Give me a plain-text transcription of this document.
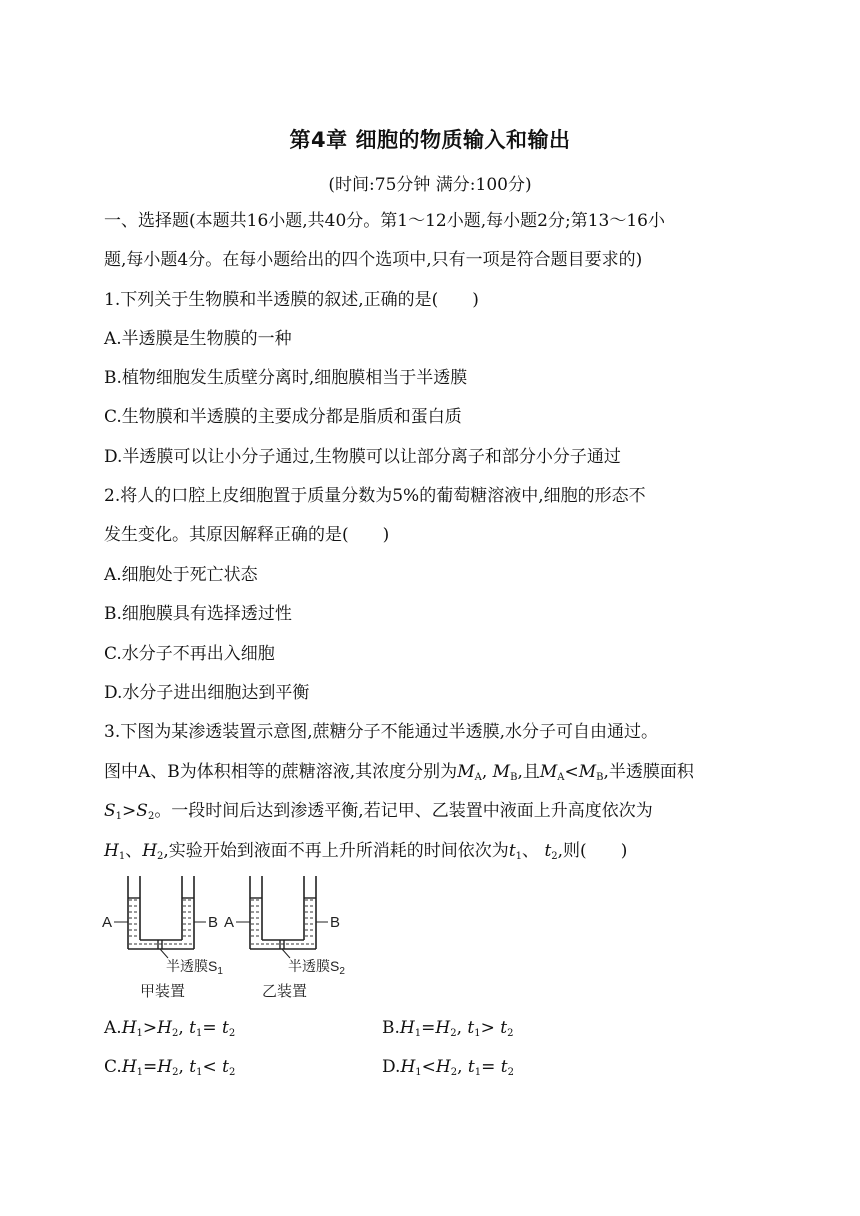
第4章 细胞的物质输入和输出
(时间:75分钟 满分:100分)
一、选择题(本题共16小题,共40分。第1～12小题,每小题2分;第13～16小
题,每小题4分。在每小题给出的四个选项中,只有一项是符合题目要求的)
1.下列关于生物膜和半透膜的叙述,正确的是(　　)
A.半透膜是生物膜的一种
B.植物细胞发生质壁分离时,细胞膜相当于半透膜
C.生物膜和半透膜的主要成分都是脂质和蛋白质
D.半透膜可以让小分子通过,生物膜可以让部分离子和部分小分子通过
2.将人的口腔上皮细胞置于质量分数为5%的葡萄糖溶液中,细胞的形态不
发生变化。其原因解释正确的是(　　)
A.细胞处于死亡状态
B.细胞膜具有选择透过性
C.水分子不再出入细胞
D.水分子进出细胞达到平衡
3.下图为某渗透装置示意图,蔗糖分子不能通过半透膜,水分子可自由通过。
图中A、B为体积相等的蔗糖溶液,其浓度分别为$M_A$, $M_B$,且$M_A<M_B$,半透膜面积
$S_1>S_2$。一段时间后达到渗透平衡,若记甲、乙装置中液面上升高度依次为
$H_1$、$H_2$,实验开始到液面不再上升所消耗的时间依次为$t_1$、 $t_2$,则(　　)
A	B
半透膜$S_1$
甲装置
A	B
半透膜$S_2$
乙装置
$A.H_1>H_2$, $t_1= t_2$	$B.H_1=H_2$, $t_1> t_2$
$C.H_1=H_2$, $t_1< t_2$	$D.H_1<H_2$, $t_1= t_2$
